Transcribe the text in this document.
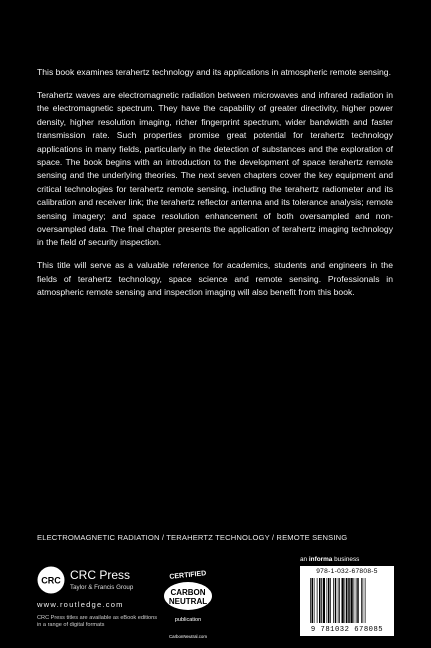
This book examines terahertz technology and its applications in atmospheric remote sensing.

Terahertz waves are electromagnetic radiation between microwaves and infrared radiation in the electromagnetic spectrum. They have the capability of greater directivity, higher power density, higher resolution imaging, richer fingerprint spectrum, wider bandwidth and faster transmission rate. Such properties promise great potential for terahertz technology applications in many fields, particularly in the detection of substances and the exploration of space. The book begins with an introduction to the development of space terahertz remote sensing and the underlying theories. The next seven chapters cover the key equipment and critical technologies for terahertz remote sensing, including the terahertz radiometer and its calibration and receiver link; the terahertz reflector antenna and its tolerance analysis; remote sensing imagery; and space resolution enhancement of both oversampled and non-oversampled data. The final chapter presents the application of terahertz imaging technology in the field of security inspection.

This title will serve as a valuable reference for academics, students and engineers in the fields of terahertz technology, space science and remote sensing. Professionals in atmospheric remote sensing and inspection imaging will also benefit from this book.

ELECTROMAGNETIC RADIATION / TERAHERTZ TECHNOLOGY / REMOTE SENSING
CRC CRC Press
Taylor & Francis Group
www.routledge.com
CRC Press titles are available as eBook editions in a range of digital formats
CERTIFIED
CARBON
NEUTRAL
publication
CarbonNeutral.com
an informa business
978-1-032-67808-5
9 781032 678085
